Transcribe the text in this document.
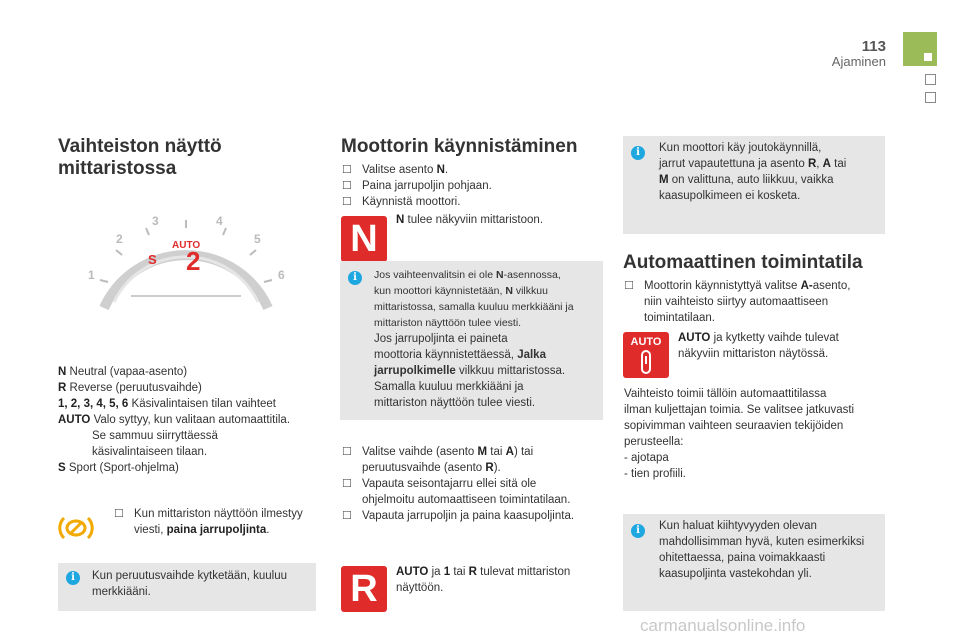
113
Ajaminen
Vaihteiston näyttö
mittaristossa
1
2
3	4
5
6
AUTO
S 2
N Neutral (vapaa-asento)
R Reverse (peruutusvaihde)
1, 2, 3, 4, 5, 6 Käsivalintaisen tilan vaihteet
AUTO Valo syttyy, kun valitaan automaattitila.
Se sammuu siirryttäessä
käsivalintaiseen tilaan.
S Sport (Sport-ohjelma)
☐ Kun mittariston näyttöön ilmestyy
viesti, paina jarrupoljinta.
i	Kun peruutusvaihde kytketään, kuuluu
merkkiääni.
Moottorin käynnistäminen
☐ Valitse asento N.
☐ Paina jarrupoljin pohjaan.
☐ Käynnistä moottori.
N	N tulee näkyviin mittaristoon.
i	Jos vaihteenvalitsin ei ole N-asennossa,
kun moottori käynnistetään, N vilkkuu
mittaristossa, samalla kuuluu merkkiääni ja
mittariston näyttöön tulee viesti.
Jos jarrupoljinta ei paineta
moottoria käynnistettäessä, Jalka
jarrupolkimelle vilkkuu mittaristossa.
Samalla kuuluu merkkiääni ja
mittariston näyttöön tulee viesti.
☐ Valitse vaihde (asento M tai A) tai
peruutusvaihde (asento R).
☐ Vapauta seisontajarru ellei sitä ole
ohjelmoitu automaattiseen toimintatilaan.
☐ Vapauta jarrupoljin ja paina kaasupoljinta.
R	AUTO ja 1 tai R tulevat mittariston
näyttöön.
i	Kun moottori käy joutokäynnillä,
jarrut vapautettuna ja asento R, A tai
M on valittuna, auto liikkuu, vaikka
kaasupolkimeen ei kosketa.
Automaattinen toimintatila
☐ Moottorin käynnistyttyä valitse A-asento,
niin vaihteisto siirtyy automaattiseen
toimintatilaan.
AUTO	AUTO ja kytketty vaihde tulevat
näkyviin mittariston näytössä.
Vaihteisto toimii tällöin automaattitilassa
ilman kuljettajan toimia. Se valitsee jatkuvasti
sopivimman vaihteen seuraavien tekijöiden
perusteella:
- ajotapa
- tien profiili.
i	Kun haluat kiihtyvyyden olevan
mahdollisimman hyvä, kuten esimerkiksi
ohitettaessa, paina voimakkaasti
kaasupoljinta vastekohdan yli.
carmanualsonline.info
